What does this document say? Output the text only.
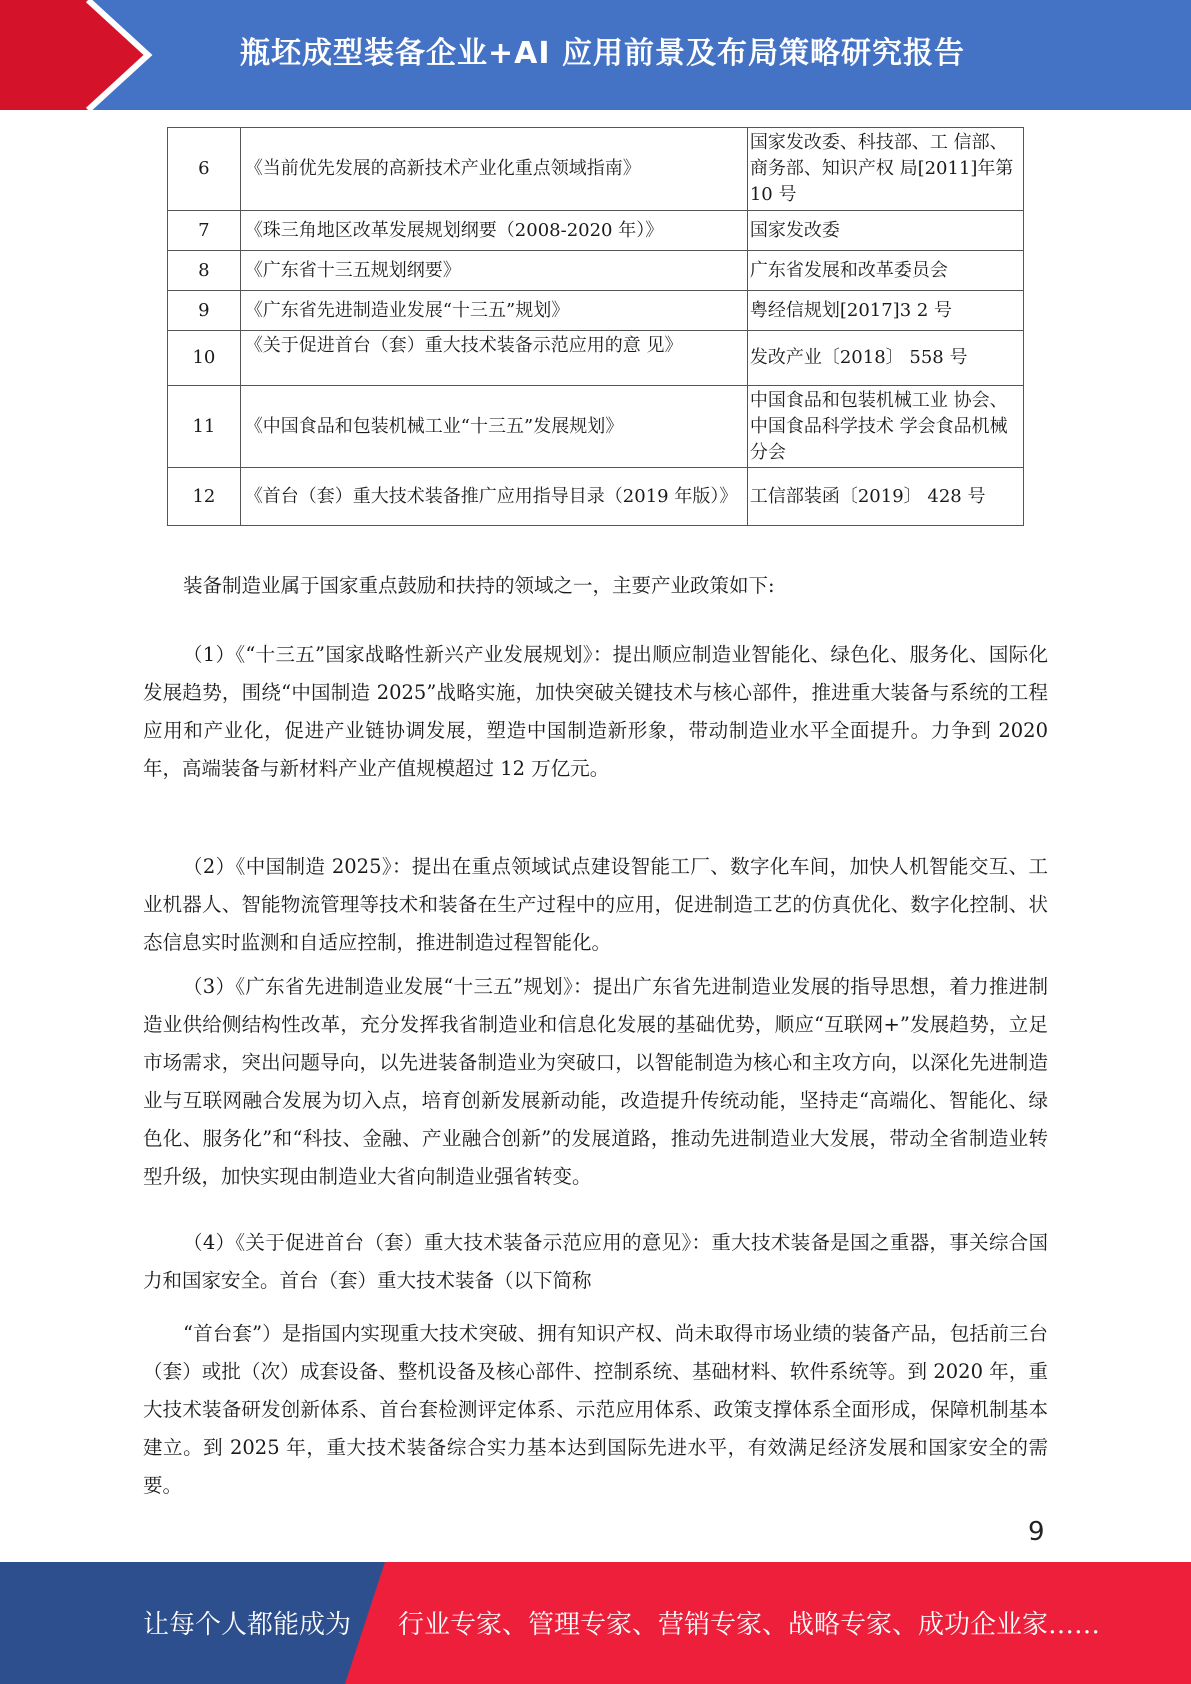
瓶坯成型装备企业+AI 应用前景及布局策略研究报告
6	《当前优先发展的高新技术产业化重点领域指南》	国家发改委、科技部、工 信部、商务部、知识产权 局[2011]年第 10 号
7	《珠三角地区改革发展规划纲要（2008-2020 年）》	国家发改委
8	《广东省十三五规划纲要》	广东省发展和改革委员会
9	《广东省先进制造业发展“十三五”规划》	粤经信规划[2017]3 2 号
10	《关于促进首台（套）重大技术装备示范应用的意 见》	发改产业〔2018〕 558 号
11	《中国食品和包装机械工业“十三五”发展规划》	中国食品和包装机械工业 协会、中国食品科学技术 学会食品机械分会
12	《首台（套）重大技术装备推广应用指导目录（2019 年版）》	工信部装函〔2019〕 428 号

装备制造业属于国家重点鼓励和扶持的领域之一，主要产业政策如下:

（1）《“十三五”国家战略性新兴产业发展规划》：提出顺应制造业智能化、绿色化、服务化、国际化发展趋势，围绕“中国制造 2025”战略实施，加快突破关键技术与核心部件，推进重大装备与系统的工程应用和产业化，促进产业链协调发展，塑造中国制造新形象，带动制造业水平全面提升。力争到 2020 年，高端装备与新材料产业产值规模超过 12 万亿元。

（2）《中国制造 2025》：提出在重点领域试点建设智能工厂、数字化车间，加快人机智能交互、工业机器人、智能物流管理等技术和装备在生产过程中的应用，促进制造工艺的仿真优化、数字化控制、状态信息实时监测和自适应控制，推进制造过程智能化。

（3）《广东省先进制造业发展“十三五”规划》：提出广东省先进制造业发展的指导思想，着力推进制造业供给侧结构性改革，充分发挥我省制造业和信息化发展的基础优势，顺应“互联网+”发展趋势，立足市场需求，突出问题导向，以先进装备制造业为突破口，以智能制造为核心和主攻方向，以深化先进制造业与互联网融合发展为切入点，培育创新发展新动能，改造提升传统动能，坚持走“高端化、智能化、绿色化、服务化”和“科技、金融、产业融合创新”的发展道路，推动先进制造业大发展，带动全省制造业转型升级，加快实现由制造业大省向制造业强省转变。

（4）《关于促进首台（套）重大技术装备示范应用的意见》：重大技术装备是国之重器，事关综合国力和国家安全。首台（套）重大技术装备（以下简称

“首台套”）是指国内实现重大技术突破、拥有知识产权、尚未取得市场业绩的装备产品，包括前三台（套）或批（次）成套设备、整机设备及核心部件、控制系统、基础材料、软件系统等。到 2020 年，重大技术装备研发创新体系、首台套检测评定体系、示范应用体系、政策支撑体系全面形成，保障机制基本建立。到 2025 年，重大技术装备综合实力基本达到国际先进水平，有效满足经济发展和国家安全的需要。

9
让每个人都能成为 行业专家、管理专家、营销专家、战略专家、成功企业家……
